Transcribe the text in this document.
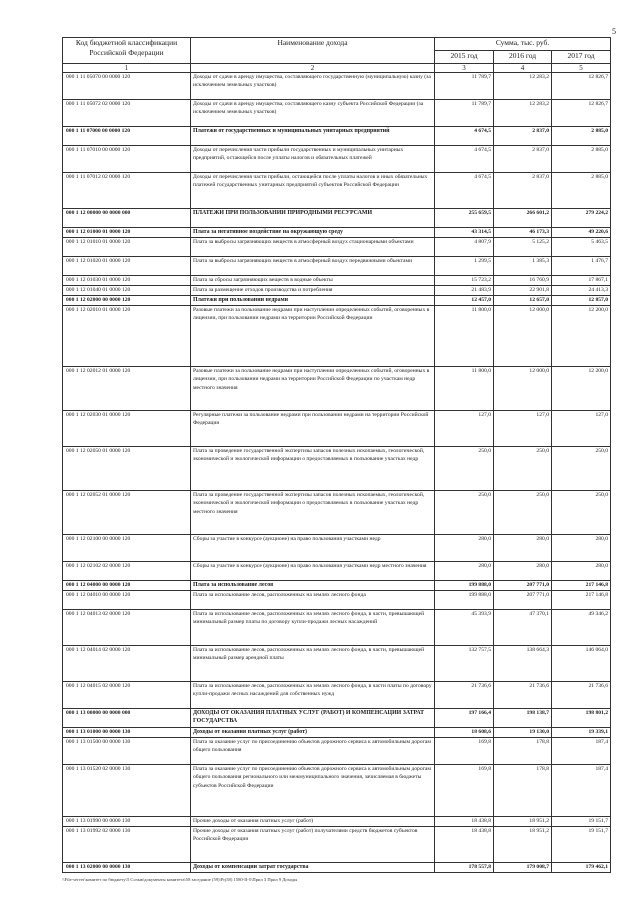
5
Код бюджетной классификации Российской Федерации	Наименование дохода	Сумма, тыс. руб.		
		2015 год	2016 год	2017 год
1	2	3	4	5
000 1 11 05070 00 0000 120	Доходы от сдачи в аренду имущества, составляющего государственную (муниципальную) казну (за исключением земельных участков)	11 789,7	12 283,2	12 826,7
000 1 11 05072 02 0000 120	Доходы от сдачи в аренду имущества, составляющего казну субъекта Российской Федерации (за исключением земельных участков)	11 789,7	12 283,2	12 826,7
000 1 11 07000 00 0000 120	Платежи от государственных и муниципальных унитарных предприятий	4 674,5	2 837,0	2 885,0
000 1 11 07010 00 0000 120	Доходы от перечисления части прибыли государственных и муниципальных унитарных предприятий, остающейся после уплаты налогов и обязательных платежей	4 674,5	2 837,0	2 885,0
000 1 11 07012 02 0000 120	Доходы от перечисления части прибыли, остающейся после уплаты налогов и иных обязательных платежей государственных унитарных предприятий субъектов Российской Федерации	4 674,5	2 837,0	2 885,0
000 1 12 00000 00 0000 000	ПЛАТЕЖИ ПРИ ПОЛЬЗОВАНИИ ПРИРОДНЫМИ РЕСУРСАМИ	255 659,5	266 601,2	279 224,2
000 1 12 01000 01 0000 120	Плата за негативное воздействие на окружающую среду	43 314,5	46 173,3	49 220,6
000 1 12 01010 01 0000 120	Плата за выбросы загрязняющих веществ в атмосферный воздух стационарными объектами	4 807,9	5 125,2	5 463,5
000 1 12 01020 01 0000 120	Плата за выбросы загрязняющих веществ в атмосферный воздух передвижными объектами	1 299,5	1 385,3	1 476,7
000 1 12 01030 01 0000 120	Плата за сбросы загрязняющих веществ в водные объекты	15 723,2	16 760,9	17 867,1
000 1 12 01040 01 0000 120	Плата за размещение отходов производства и потребления	21 483,9	22 901,8	24 413,3
000 1 12 02000 00 0000 120	Платежи при пользовании недрами	12 457,0	12 657,0	12 857,0
000 1 12 02010 01 0000 120	Разовые платежи за пользование недрами при наступлении определенных событий, оговоренных в лицензии, при пользовании недрами на территории Российской Федерации	11 800,0	12 000,0	12 200,0
000 1 12 02012 01 0000 120	Разовые платежи за пользование недрами при наступлении определенных событий, оговоренных в лицензии, при пользовании недрами на территории Российской Федерации по участкам недр местного значения	11 800,0	12 000,0	12 200,0
000 1 12 02030 01 0000 120	Регулярные платежи за пользование недрами при пользовании недрами на территории Российской Федерации	127,0	127,0	127,0
000 1 12 02050 01 0000 120	Плата за проведение государственной экспертизы запасов полезных ископаемых, геологической, экономической и экологической информации о предоставляемых в пользование участках недр	250,0	250,0	250,0
000 1 12 02052 01 0000 120	Плата за проведение государственной экспертизы запасов полезных ископаемых, геологической, экономической и экологической информации о предоставляемых в пользование участках недр местного значения	250,0	250,0	250,0
000 1 12 02100 00 0000 120	Сборы за участие в конкурсе (аукционе) на право пользования участками недр	280,0	280,0	280,0
000 1 12 02102 02 0000 120	Сборы за участие в конкурсе (аукционе) на право пользования участками недр местного значения	280,0	280,0	280,0
000 1 12 04000 00 0000 120	Плата за использование лесов	199 888,0	207 771,0	217 146,8
000 1 12 04010 00 0000 120	Плата за использование лесов, расположенных на землях лесного фонда	199 888,0	207 771,0	217 146,8
000 1 12 04013 02 0000 120	Плата за использование лесов, расположенных на землях лесного фонда, в части, превышающей минимальный размер платы по договору купли-продажи лесных насаждений	45 393,9	47 370,1	49 346,2
000 1 12 04014 02 0000 120	Плата за использование лесов, расположенных на землях лесного фонда, в части, превышающей минимальный размер арендной платы	132 757,5	138 664,3	146 064,0
000 1 12 04015 02 0000 120	Плата за использование лесов, расположенных на землях лесного фонда, в части платы по договору купли-продажи лесных насаждений для собственных нужд	21 736,6	21 736,6	21 736,6
000 1 13 00000 00 0000 000	ДОХОДЫ ОТ ОКАЗАНИЯ ПЛАТНЫХ УСЛУГ (РАБОТ) И КОМПЕНСАЦИИ ЗАТРАТ ГОСУДАРСТВА	197 166,4	198 138,7	198 801,2
000 1 13 01000 00 0000 130	Доходы от оказания платных услуг (работ)	18 608,6	19 130,0	19 339,1
000 1 13 01500 00 0000 130	Плата за оказание услуг по присоединению объектов дорожного сервиса к автомобильным дорогам общего пользования	169,8	178,8	187,4
000 1 13 01520 02 0000 130	Плата за оказание услуг по присоединению объектов дорожного сервиса к автомобильным дорогам общего пользования регионального или межмуниципального значения, зачисляемая в бюджеты субъектов Российской Федерации	169,8	178,8	187,4
000 1 13 01990 00 0000 130	Прочие доходы от оказания платных услуг (работ)	18 438,8	18 951,2	19 151,7
000 1 13 01992 02 0000 130	Прочие доходы от оказания платных услуг (работ) получателями средств бюджетов субъектов Российской Федерации	18 438,8	18 951,2	19 151,7
000 1 13 02000 00 0000 130	Доходы от компенсации затрат государства	178 557,8	179 008,7	179 462,1
\\File-server\комитет по бюджету\5 Созыв\документы комитета\58 заседание (59)\Prj58) 1580-II-5\Прил 3 Прил 9 Доходы
